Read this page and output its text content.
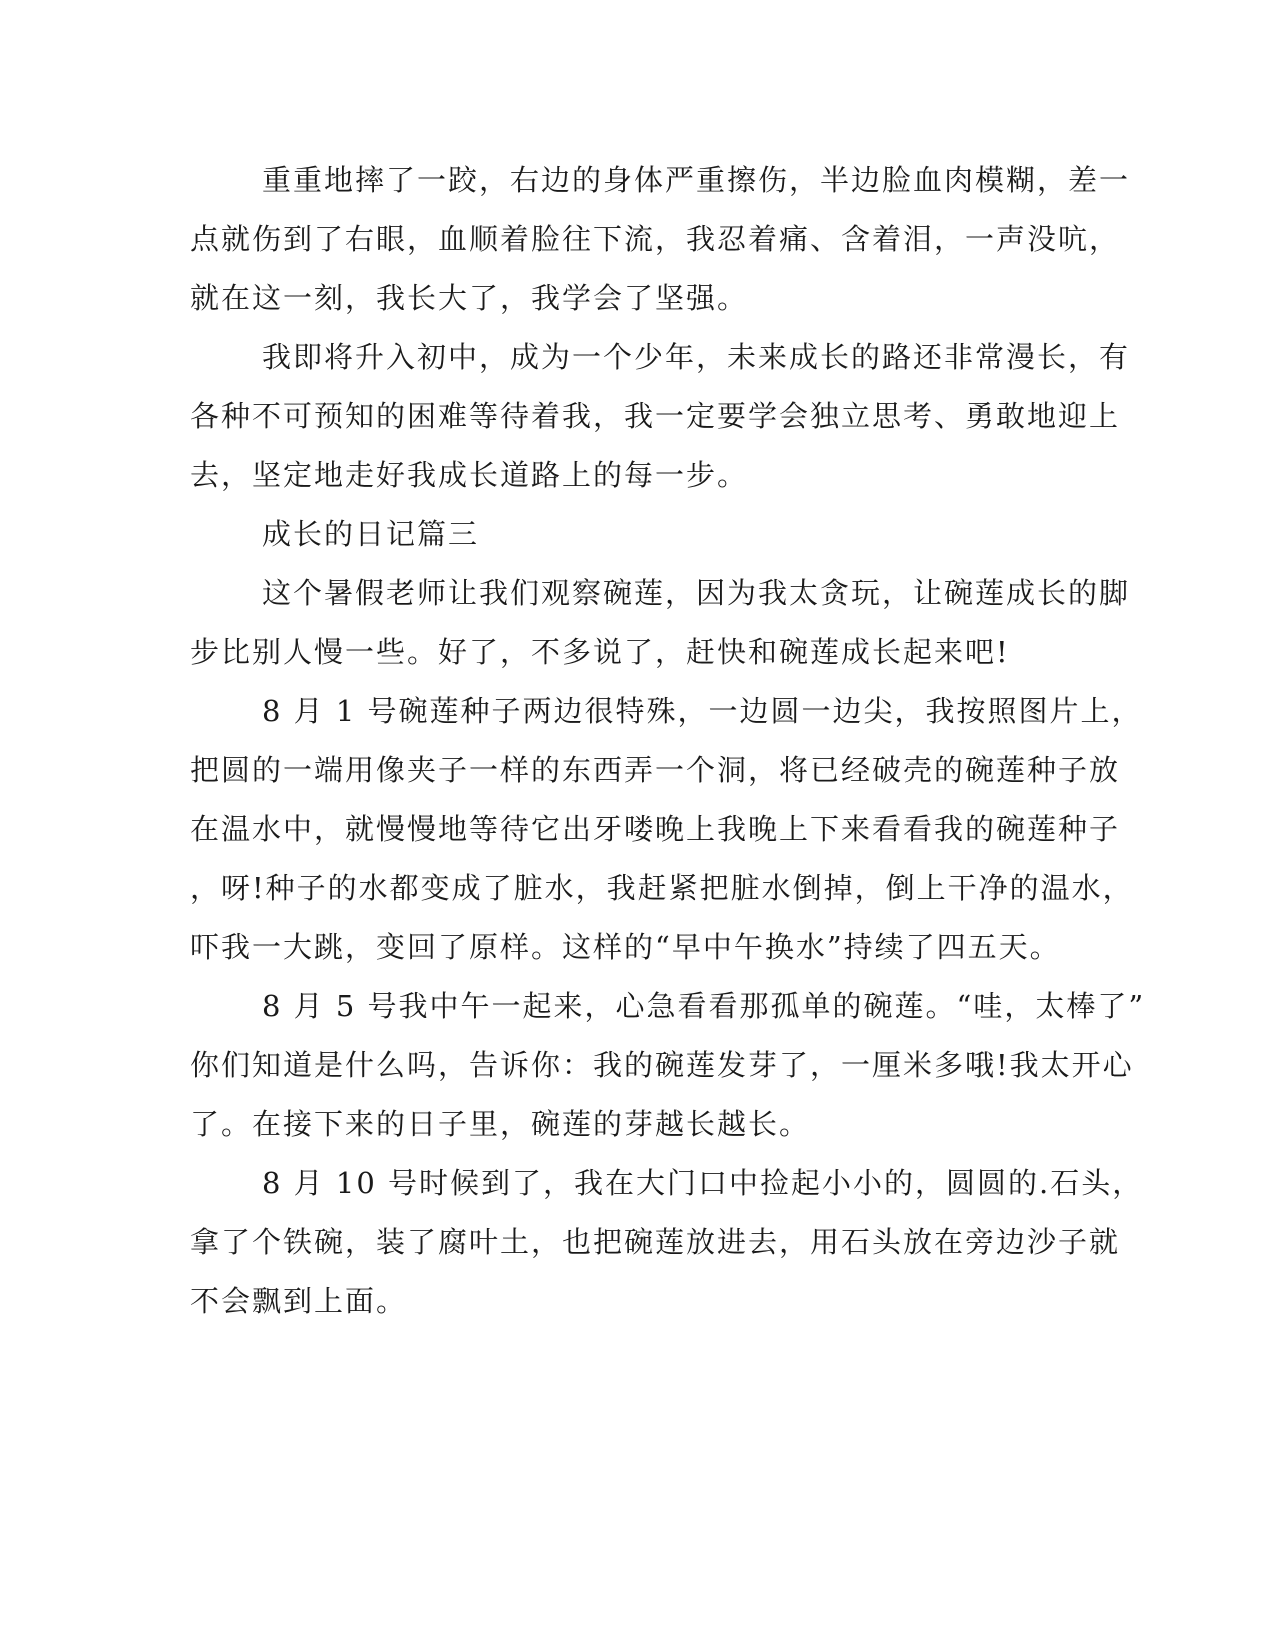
重重地摔了一跤，右边的身体严重擦伤，半边脸血肉模糊，差一
点就伤到了右眼，血顺着脸往下流，我忍着痛、含着泪，一声没吭，
就在这一刻，我长大了，我学会了坚强。
我即将升入初中，成为一个少年，未来成长的路还非常漫长，有
各种不可预知的困难等待着我，我一定要学会独立思考、勇敢地迎上
去，坚定地走好我成长道路上的每一步。
成长的日记篇三
这个暑假老师让我们观察碗莲，因为我太贪玩，让碗莲成长的脚
步比别人慢一些。好了，不多说了，赶快和碗莲成长起来吧!
8 月 1 号碗莲种子两边很特殊，一边圆一边尖，我按照图片上，
把圆的一端用像夹子一样的东西弄一个洞，将已经破壳的碗莲种子放
在温水中，就慢慢地等待它出牙喽晚上我晚上下来看看我的碗莲种子
，呀!种子的水都变成了脏水，我赶紧把脏水倒掉，倒上干净的温水，
吓我一大跳，变回了原样。这样的“早中午换水”持续了四五天。
8 月 5 号我中午一起来，心急看看那孤单的碗莲。“哇，太棒了”
你们知道是什么吗，告诉你：我的碗莲发芽了，一厘米多哦!我太开心
了。在接下来的日子里，碗莲的芽越长越长。
8 月 10 号时候到了，我在大门口中捡起小小的，圆圆的.石头，
拿了个铁碗，装了腐叶土，也把碗莲放进去，用石头放在旁边沙子就
不会飘到上面。
